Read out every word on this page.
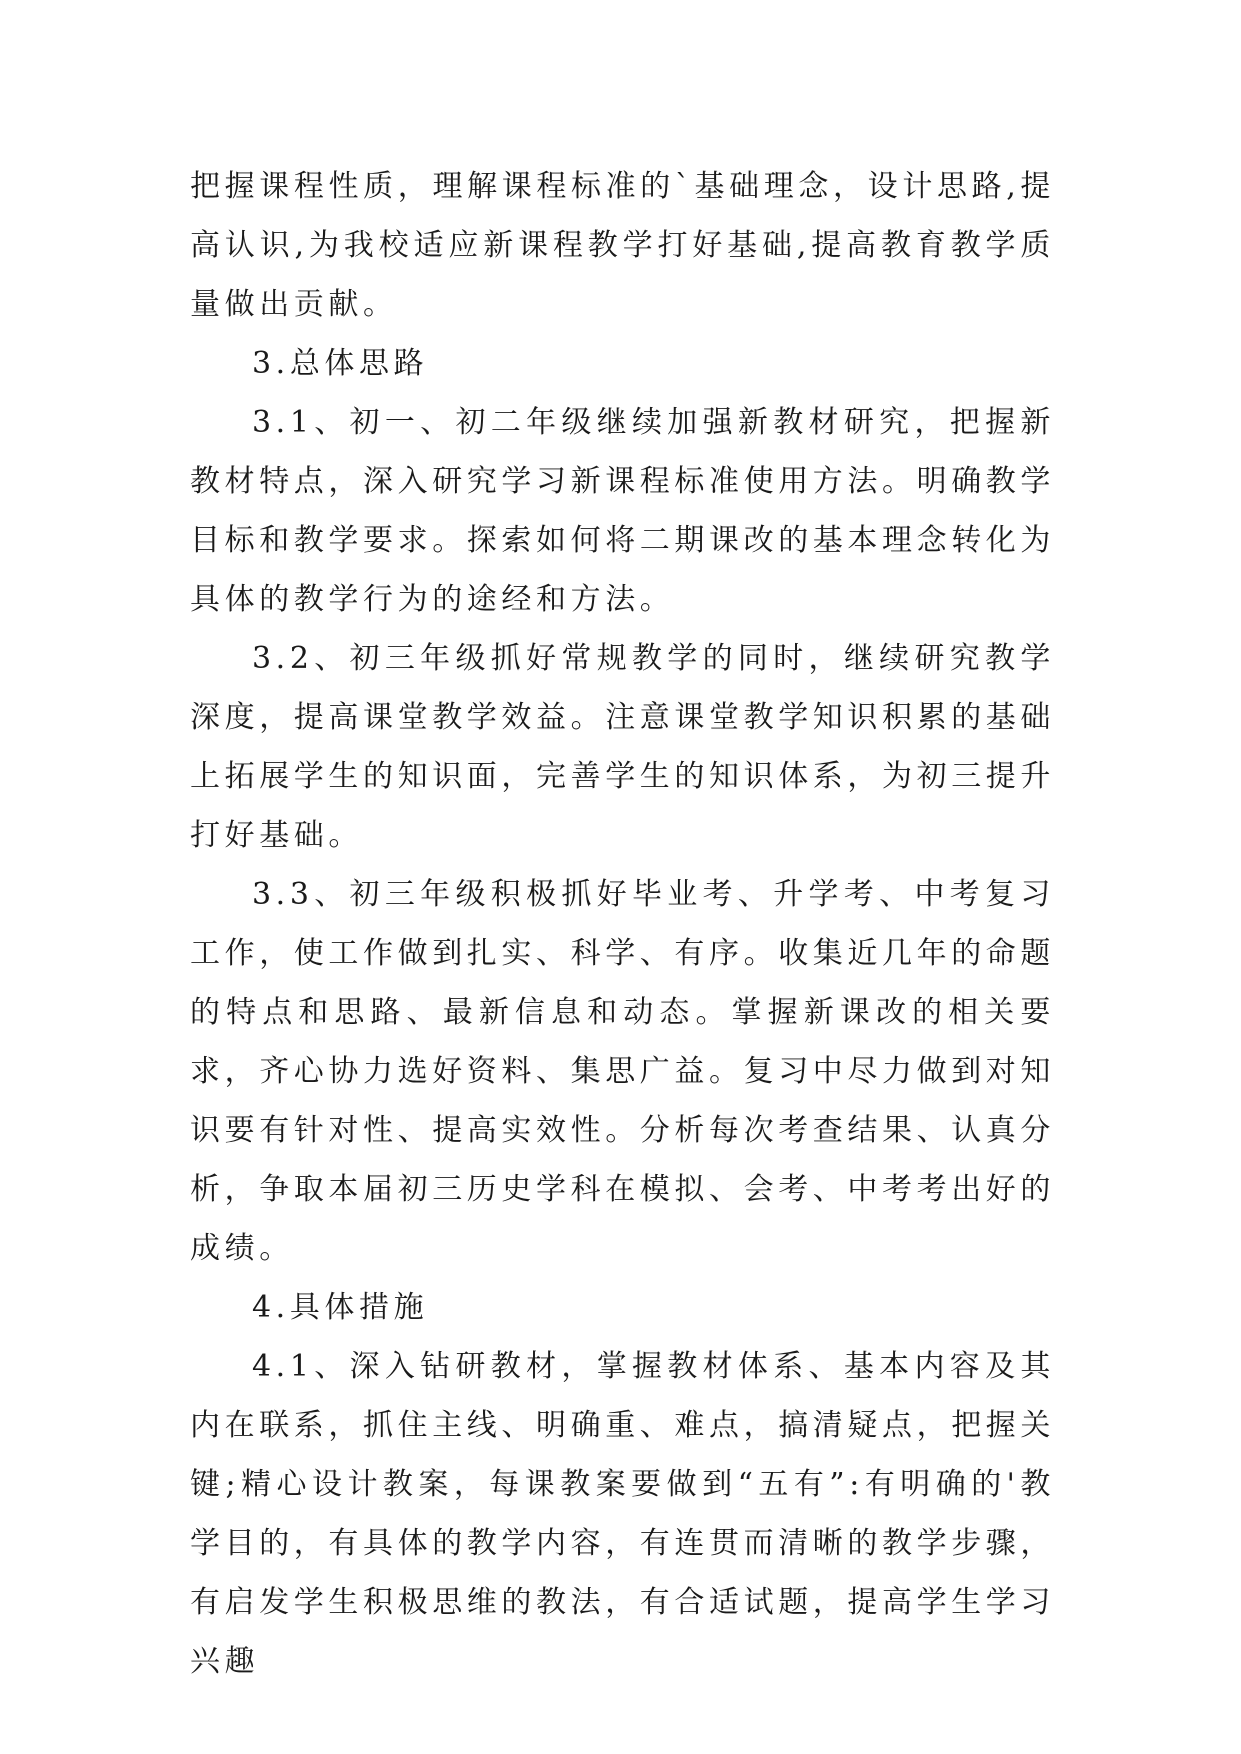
把握课程性质，理解课程标准的`基础理念，设计思路,提高认识,为我校适应新课程教学打好基础,提高教育教学质量做出贡献。

3.总体思路

3.1、初一、初二年级继续加强新教材研究，把握新教材特点，深入研究学习新课程标准使用方法。明确教学目标和教学要求。探索如何将二期课改的基本理念转化为具体的教学行为的途经和方法。

3.2、初三年级抓好常规教学的同时，继续研究教学深度，提高课堂教学效益。注意课堂教学知识积累的基础上拓展学生的知识面，完善学生的知识体系，为初三提升打好基础。

3.3、初三年级积极抓好毕业考、升学考、中考复习工作，使工作做到扎实、科学、有序。收集近几年的命题的特点和思路、最新信息和动态。掌握新课改的相关要求，齐心协力选好资料、集思广益。复习中尽力做到对知识要有针对性、提高实效性。分析每次考查结果、认真分析，争取本届初三历史学科在模拟、会考、中考考出好的成绩。

4.具体措施

4.1、深入钻研教材，掌握教材体系、基本内容及其内在联系，抓住主线、明确重、难点，搞清疑点，把握关键;精心设计教案，每课教案要做到“五有”:有明确的'教学目的，有具体的教学内容，有连贯而清晰的教学步骤，有启发学生积极思维的教法，有合适试题，提高学生学习兴趣
